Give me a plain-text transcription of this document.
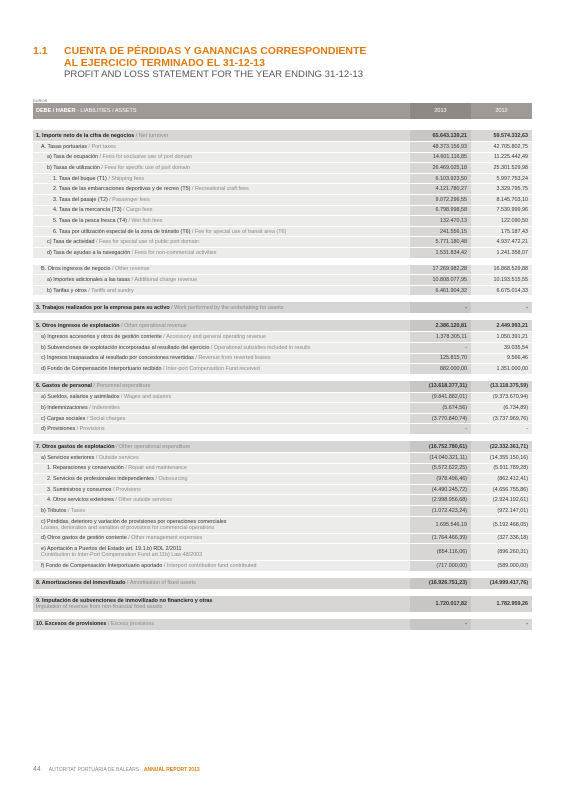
1.1	CUENTA DE PÉRDIDAS Y GANANCIAS CORRESPONDIENTE
AL EJERCICIO TERMINADO EL 31-12-13
PROFIT AND LOSS STATEMENT FOR THE YEAR ENDING 31-12-13
EUROS
DEBE / HABER - LIABILITIES / ASSETS	2013	2012
1. Importe neto de la cifra de negocios / Net turnover	65.643.139,21	59.574.332,63
A. Tasas portuarias / Port taxes	48.373.156,93	42.705.802,75
a) Tasa de ocupación / Fees for exclusive use of port domain	14.601.116,85	11.225.442,49
b) Tasas de utilización / Fees for specific use of port domain	26.469.025,18	25.301.529,98
1. Tasa del buque (T1) / Shipping fees	6.103.923,50	5.997.753,24
2. Tasa de las embarcaciones deportivas y de recreo (T5) / Recreational craft fees	4.121.780,27	3.329.795,75
3. Tasa del pasaje (T2) / Passenger fees	9.072.296,55	8.145.703,10
4. Tasa de la mercancía (T3) / Cargo fees	6.798.998,58	7.530.999,96
5. Tasa de la pesca fresca (T4) / Wet fish fees	132.470,13	122.090,50
6. Tasa por utilización especial de la zona de tránsito (T6) / Fee for special use of transit area (T6)	241.556,15	175.187,43
c) Tasa de actividad / Fees for special use of public port domain	5.771.180,48	4.937.472,21
d) Tasa de ayudas a la navegación / Fees for non-commercial activities	1.531.834,42	1.241.358,07
B. Otros ingresos de negocio / Other revenue	17.269.982,28	16.868.529,88
a) Importes adicionales a las tasas / Additional charge revenue	10.808.077,95	10.193.515,55
b) Tarifas y otros / Tariffs and sundry	6.461.904,32	6.675.014,33
3. Trabajos realizados por la empresa para su activo / Work performed by the undertaking for assets	-	-
5. Otros ingresos de explotación / Other operational revenue	2.386.120,81	2.449.993,21
a) Ingresos accesorios y otros de gestión corriente / Accessory and general operating revenue	1.378.305,11	1.050.391,21
b) Subvenciones de explotación incorporadas al resultado del ejercicio / Operational subsidies included in results	-	39.035,54
c) Ingresos traspasados al resultado por concesiones revertidas / Revenue from reverted leases	125.815,70	9.566,46
d) Fondo de Compensación Interportuario recibido / Inter-port Compensation Fund received	882.000,00	1.351.000,00
6. Gastos de personal / Personnel expenditure	(13.618.377,31)	(13.118.375,59)
a) Sueldos, salarios y asimilados / Wages and salaries	(9.841.882,01)	(9.373.670,94)
b) Indemnizaciones / Indemnities	(5.674,56)	(6.734,89)
c) Cargas sociales / Social charges	(3.770.840,74)	(3.737.969,76)
d) Provisiones / Provisions	-	-
7. Otros gastos de explotación / Other operational expenditure	(16.752.780,61)	(22.332.361,71)
a) Servicios exteriores / Outside services	(14.040.321,11)	(14.355.150,16)
1. Reparaciones y conservación / Repair and maintenance	(5.572.622,25)	(5.911.789,28)
2. Servicios de profesionales independientes / Outsourcing	(978.496,46)	(862.412,41)
3. Suministros y consumos / Provisions	(4.490.245,72)	(4.656.755,86)
4. Otros servicios exteriores / Other outside services	(2.998.956,68)	(2.924.192,61)
b) Tributos / Taxes	(1.072.423,24)	(972.147,01)
c) Pérdidas, deterioro y variación de provisiones por operaciones comerciales
Losses, derioration and variation of provisions for commercial operations	1.695.546,19	(5.192.468,05)
d) Otros gastos de gestión corriente / Other management expenses	(1.764.466,39)	(327.336,18)
e) Aportación a Puertos del Estado art. 19.1.b) RDL 2/2011
Contribution to Inter-Port Compensation Fund art.11b) Law 48/2003	(854.116,06)	(896.260,31)
f) Fondo de Compensación Interportuario aportado / Interport contribution fund contributed	(717.000,00)	(589.000,00)
8. Amortizaciones del inmovilizado / Amortisation of fixed assets	(16.926.751,23)	(14.999.417,76)
9. Imputación de subvenciones de inmovilizado no financiero y otras
Imputation of revenue from non-financial fixed assets	1.720.017,82	1.782.959,26
10. Excesos de provisiones / Excess provisions	-	-
44 AUTORITAT PORTUÀRIA DE BALEARS · ANNUAL REPORT 2013
